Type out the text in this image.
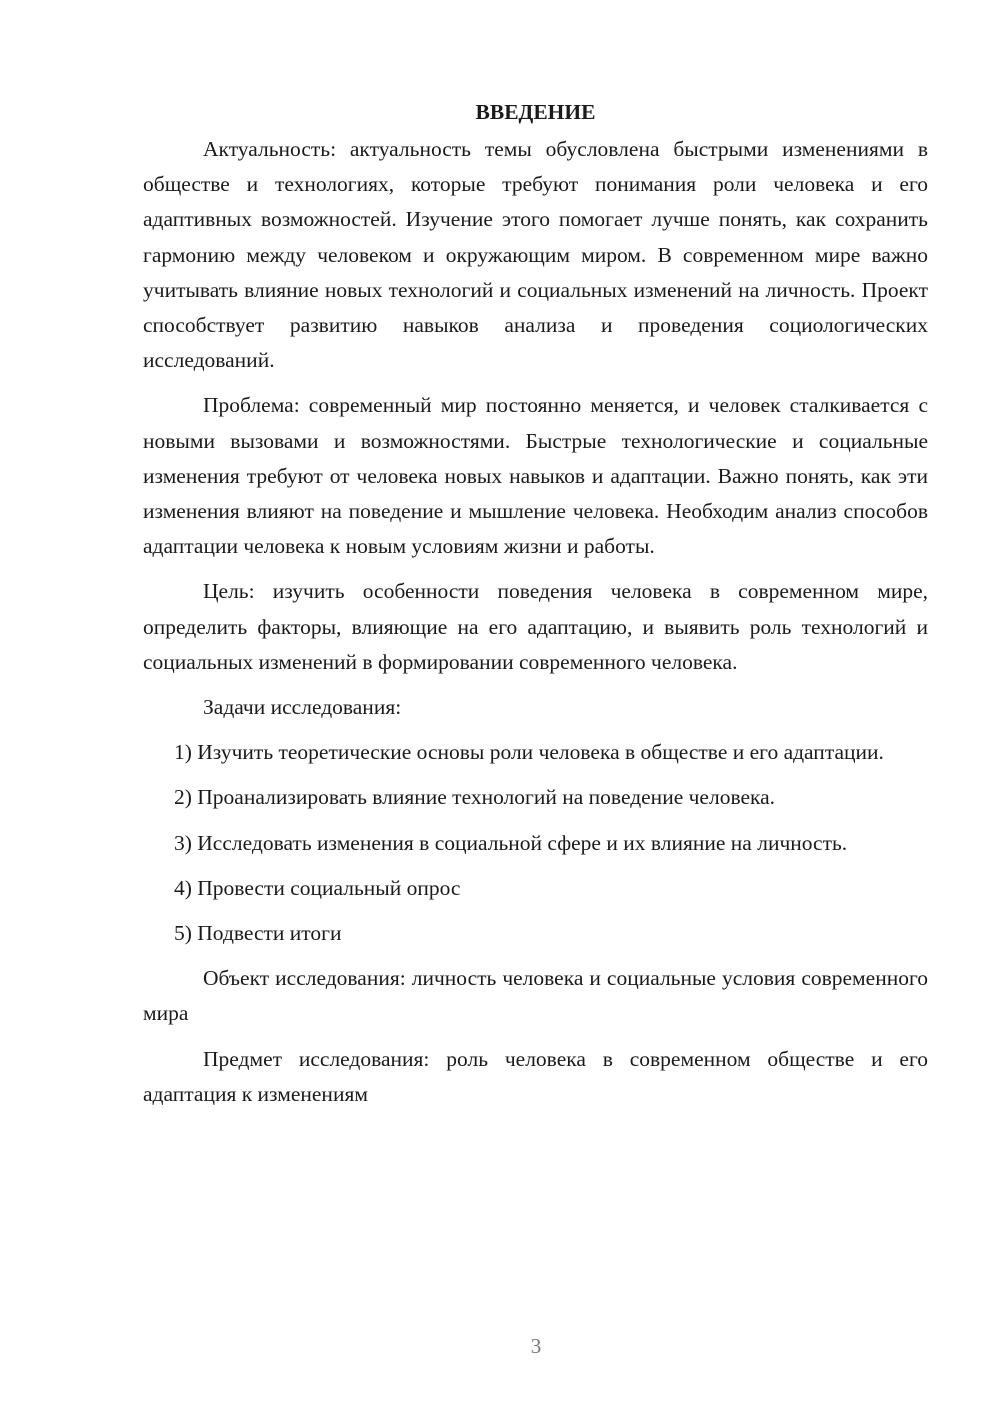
ВВЕДЕНИЕ

Актуальность: актуальность темы обусловлена быстрыми изменениями в обществе и технологиях, которые требуют понимания роли человека и его адаптивных возможностей. Изучение этого помогает лучше понять, как сохранить гармонию между человеком и окружающим миром. В современном мире важно учитывать влияние новых технологий и социальных изменений на личность. Проект способствует развитию навыков анализа и проведения социологических исследований.

Проблема: современный мир постоянно меняется, и человек сталкивается с новыми вызовами и возможностями. Быстрые технологические и социальные изменения требуют от человека новых навыков и адаптации. Важно понять, как эти изменения влияют на поведение и мышление человека. Необходим анализ способов адаптации человека к новым условиям жизни и работы.

Цель: изучить особенности поведения человека в современном мире, определить факторы, влияющие на его адаптацию, и выявить роль технологий и социальных изменений в формировании современного человека.

Задачи исследования:

1) Изучить теоретические основы роли человека в обществе и его адаптации.

2) Проанализировать влияние технологий на поведение человека.

3) Исследовать изменения в социальной сфере и их влияние на личность.

4) Провести социальный опрос

5) Подвести итоги

Объект исследования: личность человека и социальные условия современного мира

Предмет исследования: роль человека в современном обществе и его адаптация к изменениям

3
